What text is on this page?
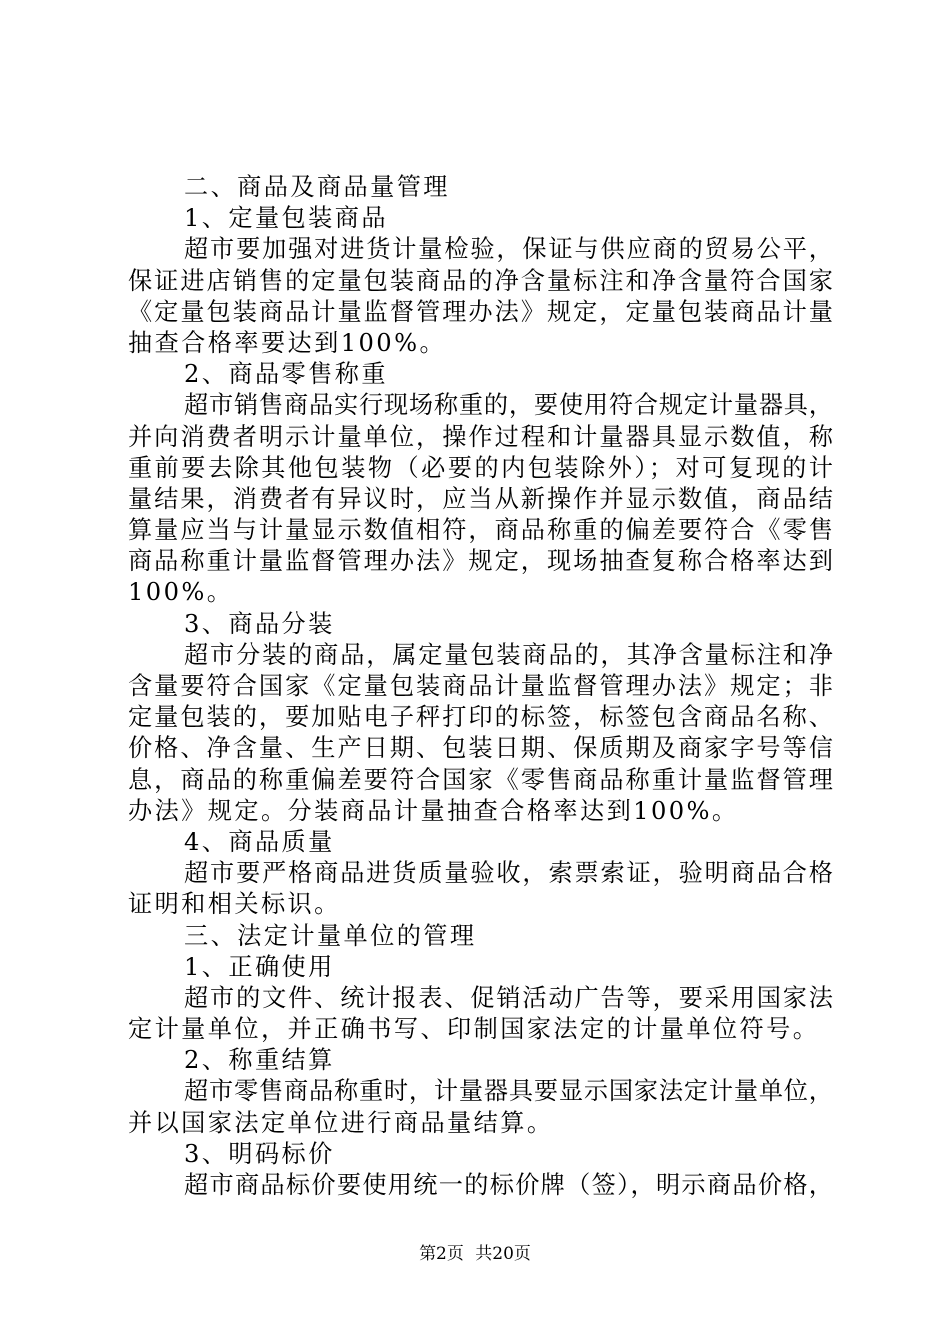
二、商品及商品量管理
1、定量包装商品
超市要加强对进货计量检验，保证与供应商的贸易公平，
保证进店销售的定量包装商品的净含量标注和净含量符合国家
《定量包装商品计量监督管理办法》规定，定量包装商品计量
抽查合格率要达到100%。
2、商品零售称重
超市销售商品实行现场称重的，要使用符合规定计量器具，
并向消费者明示计量单位，操作过程和计量器具显示数值，称
重前要去除其他包装物（必要的内包装除外）；对可复现的计
量结果，消费者有异议时，应当从新操作并显示数值，商品结
算量应当与计量显示数值相符，商品称重的偏差要符合《零售
商品称重计量监督管理办法》规定，现场抽查复称合格率达到
100%。
3、商品分装
超市分装的商品，属定量包装商品的，其净含量标注和净
含量要符合国家《定量包装商品计量监督管理办法》规定；非
定量包装的，要加贴电子秤打印的标签，标签包含商品名称、
价格、净含量、生产日期、包装日期、保质期及商家字号等信
息，商品的称重偏差要符合国家《零售商品称重计量监督管理
办法》规定。分装商品计量抽查合格率达到100%。
4、商品质量
超市要严格商品进货质量验收，索票索证，验明商品合格
证明和相关标识。
三、法定计量单位的管理
1、正确使用
超市的文件、统计报表、促销活动广告等，要采用国家法
定计量单位，并正确书写、印制国家法定的计量单位符号。
2、称重结算
超市零售商品称重时，计量器具要显示国家法定计量单位，
并以国家法定单位进行商品量结算。
3、明码标价
超市商品标价要使用统一的标价牌（签），明示商品价格，
第2页 共20页
